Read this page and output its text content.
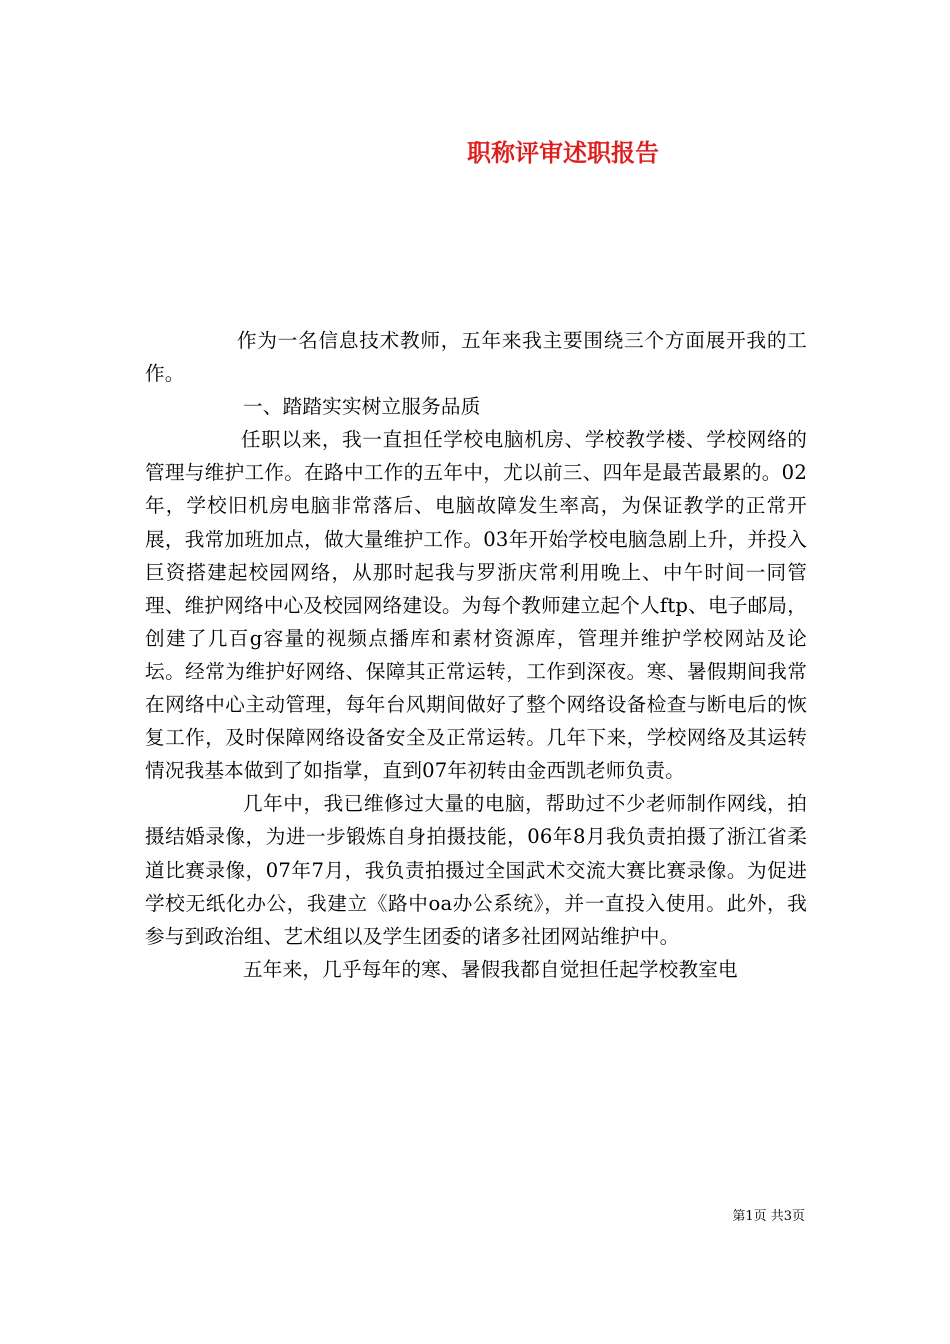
职称评审述职报告

作为一名信息技术教师，五年来我主要围绕三个方面展开我的工作。

一、踏踏实实树立服务品质

任职以来，我一直担任学校电脑机房、学校教学楼、学校网络的管理与维护工作。在路中工作的五年中，尤以前三、四年是最苦最累的。02年，学校旧机房电脑非常落后、电脑故障发生率高，为保证教学的正常开展，我常加班加点，做大量维护工作。03年开始学校电脑急剧上升，并投入巨资搭建起校园网络，从那时起我与罗浙庆常利用晚上、中午时间一同管理、维护网络中心及校园网络建设。为每个教师建立起个人ftp、电子邮局，创建了几百g容量的视频点播库和素材资源库，管理并维护学校网站及论坛。经常为维护好网络、保障其正常运转，工作到深夜。寒、暑假期间我常在网络中心主动管理，每年台风期间做好了整个网络设备检查与断电后的恢复工作，及时保障网络设备安全及正常运转。几年下来，学校网络及其运转情况我基本做到了如指掌，直到07年初转由金西凯老师负责。

几年中，我已维修过大量的电脑，帮助过不少老师制作网线，拍摄结婚录像，为进一步锻炼自身拍摄技能，06年8月我负责拍摄了浙江省柔道比赛录像，07年7月，我负责拍摄过全国武术交流大赛比赛录像。为促进学校无纸化办公，我建立《路中oa办公系统》，并一直投入使用。此外，我参与到政治组、艺术组以及学生团委的诸多社团网站维护中。

五年来，几乎每年的寒、暑假我都自觉担任起学校教室电

第1页 共3页
